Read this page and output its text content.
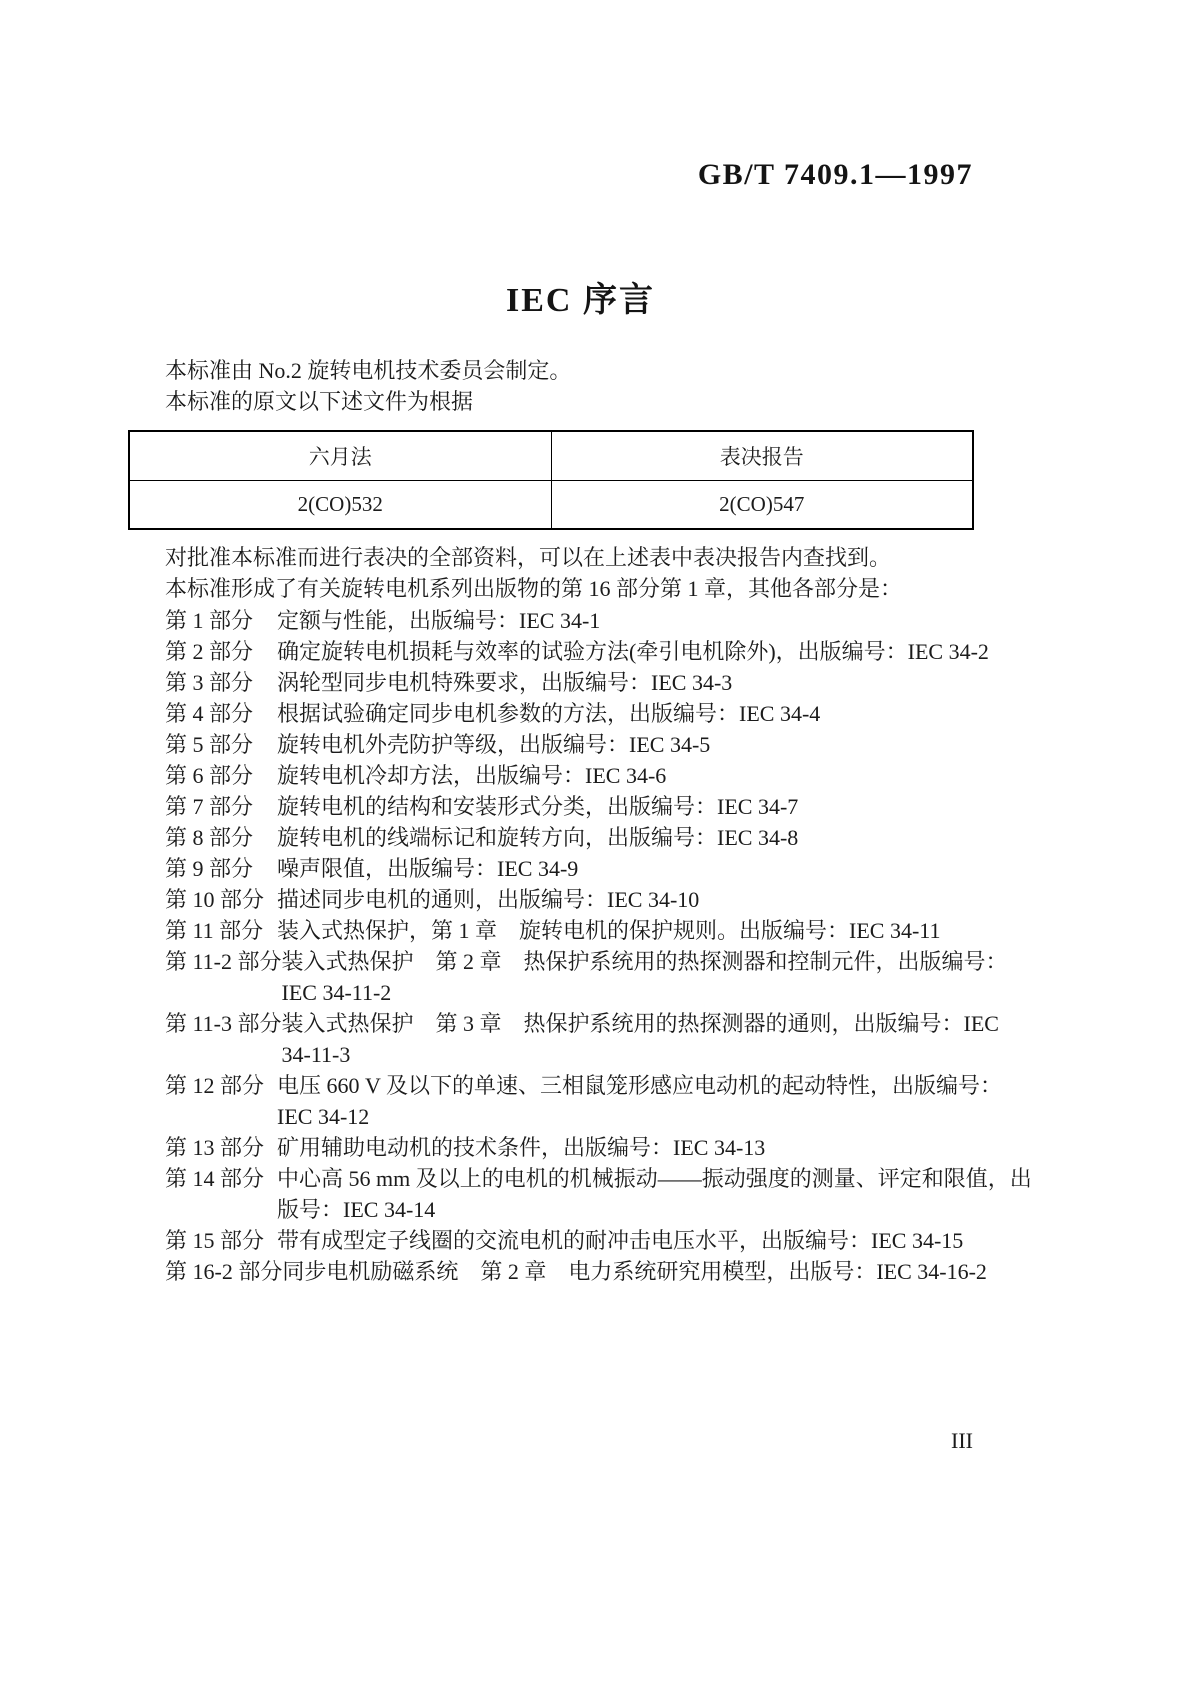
GB/T 7409.1—1997
IEC 序言

本标准由 No.2 旋转电机技术委员会制定。

本标准的原文以下述文件为根据

六月法	表决报告
2(CO)532	2(CO)547

对批准本标准而进行表决的全部资料，可以在上述表中表决报告内查找到。

本标准形成了有关旋转电机系列出版物的第 16 部分第 1 章，其他各部分是：

第 1 部分	定额与性能，出版编号：IEC 34-1
第 2 部分	确定旋转电机损耗与效率的试验方法(牵引电机除外)，出版编号：IEC 34-2
第 3 部分	涡轮型同步电机特殊要求，出版编号：IEC 34-3
第 4 部分	根据试验确定同步电机参数的方法，出版编号：IEC 34-4
第 5 部分	旋转电机外壳防护等级，出版编号：IEC 34-5
第 6 部分	旋转电机冷却方法，出版编号：IEC 34-6
第 7 部分	旋转电机的结构和安装形式分类，出版编号：IEC 34-7
第 8 部分	旋转电机的线端标记和旋转方向，出版编号：IEC 34-8
第 9 部分	噪声限值，出版编号：IEC 34-9
第 10 部分 描述同步电机的通则，出版编号：IEC 34-10
第 11 部分 装入式热保护，第 1 章　旋转电机的保护规则。出版编号：IEC 34-11
第 11-2 部分 装入式热保护　第 2 章　热保护系统用的热探测器和控制元件，出版编号：IEC 34-11-2
第 11-3 部分 装入式热保护　第 3 章　热保护系统用的热探测器的通则，出版编号：IEC 34-11-3
第 12 部分 电压 660 V 及以下的单速、三相鼠笼形感应电动机的起动特性，出版编号：IEC 34-12
第 13 部分 矿用辅助电动机的技术条件，出版编号：IEC 34-13
第 14 部分 中心高 56 mm 及以上的电机的机械振动——振动强度的测量、评定和限值，出版号：IEC 34-14
第 15 部分 带有成型定子线圈的交流电机的耐冲击电压水平，出版编号：IEC 34-15
第 16-2 部分 同步电机励磁系统　第 2 章　电力系统研究用模型，出版号：IEC 34-16-2
III
